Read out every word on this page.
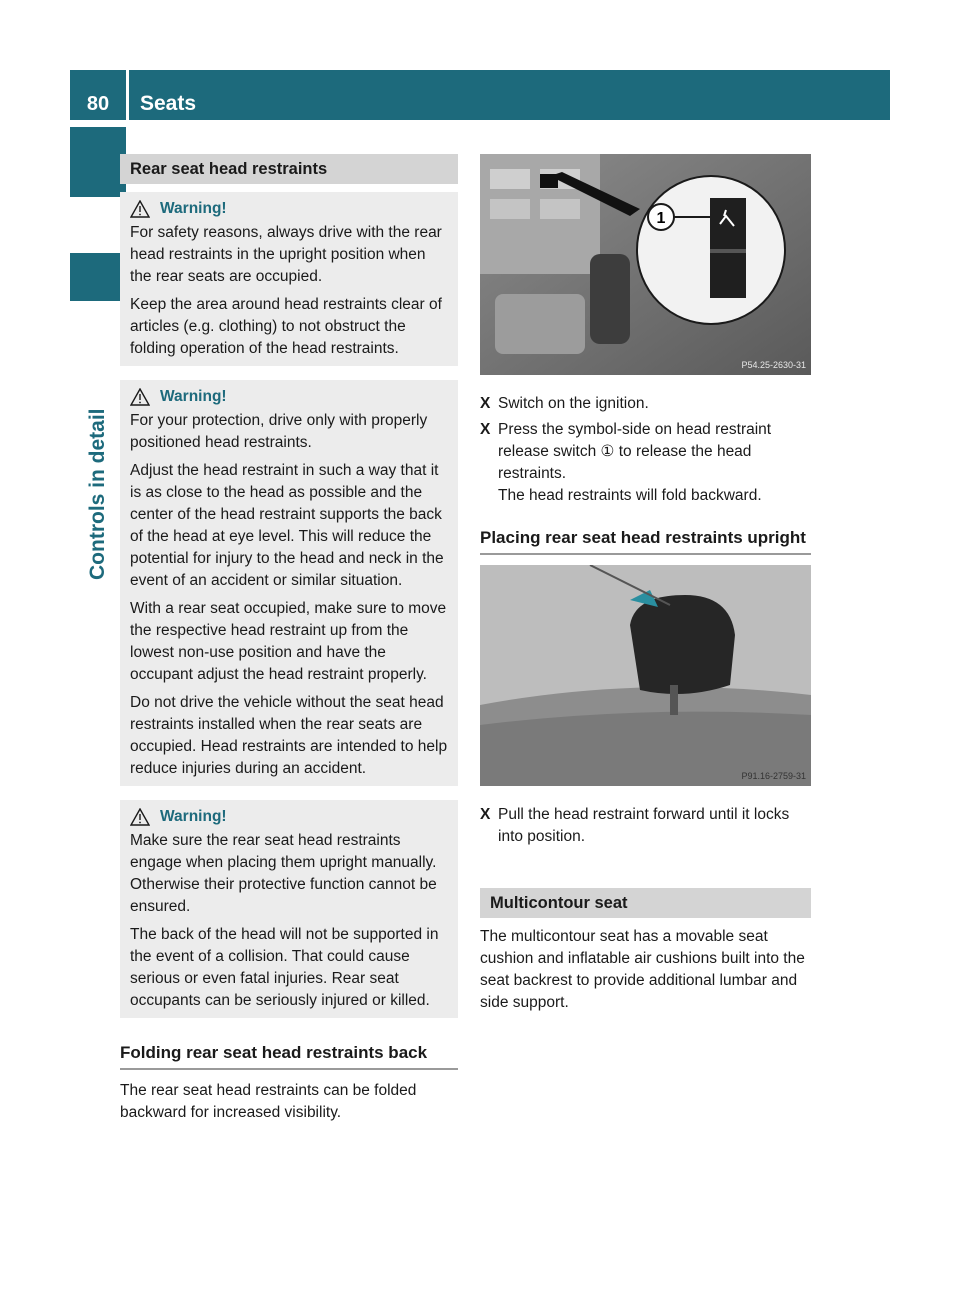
80	Seats
Controls in detail
Rear seat head restraints
Warning!

For safety reasons, always drive with the rear head restraints in the upright position when the rear seats are occupied.

Keep the area around head restraints clear of articles (e.g. clothing) to not obstruct the folding operation of the head restraints.

Warning!

For your protection, drive only with properly positioned head restraints.

Adjust the head restraint in such a way that it is as close to the head as possible and the center of the head restraint supports the back of the head at eye level. This will reduce the potential for injury to the head and neck in the event of an accident or similar situation.

With a rear seat occupied, make sure to move the respective head restraint up from the lowest non-use position and have the occupant adjust the head restraint properly.

Do not drive the vehicle without the seat head restraints installed when the rear seats are occupied. Head restraints are intended to help reduce injuries during an accident.

Warning!

Make sure the rear seat head restraints engage when placing them upright manually. Otherwise their protective function cannot be ensured.

The back of the head will not be supported in the event of a collision. That could cause serious or even fatal injuries. Rear seat occupants can be seriously injured or killed.

Folding rear seat head restraints back

The rear seat head restraints can be folded backward for increased visibility.

1
P54.25-2630-31

X Switch on the ignition.

X Press the symbol-side on head restraint release switch ① to release the head restraints.

The head restraints will fold backward.

Placing rear seat head restraints upright
P91.16-2759-31

X Pull the head restraint forward until it locks into position.

Multicontour seat

The multicontour seat has a movable seat cushion and inflatable air cushions built into the seat backrest to provide additional lumbar and side support.
